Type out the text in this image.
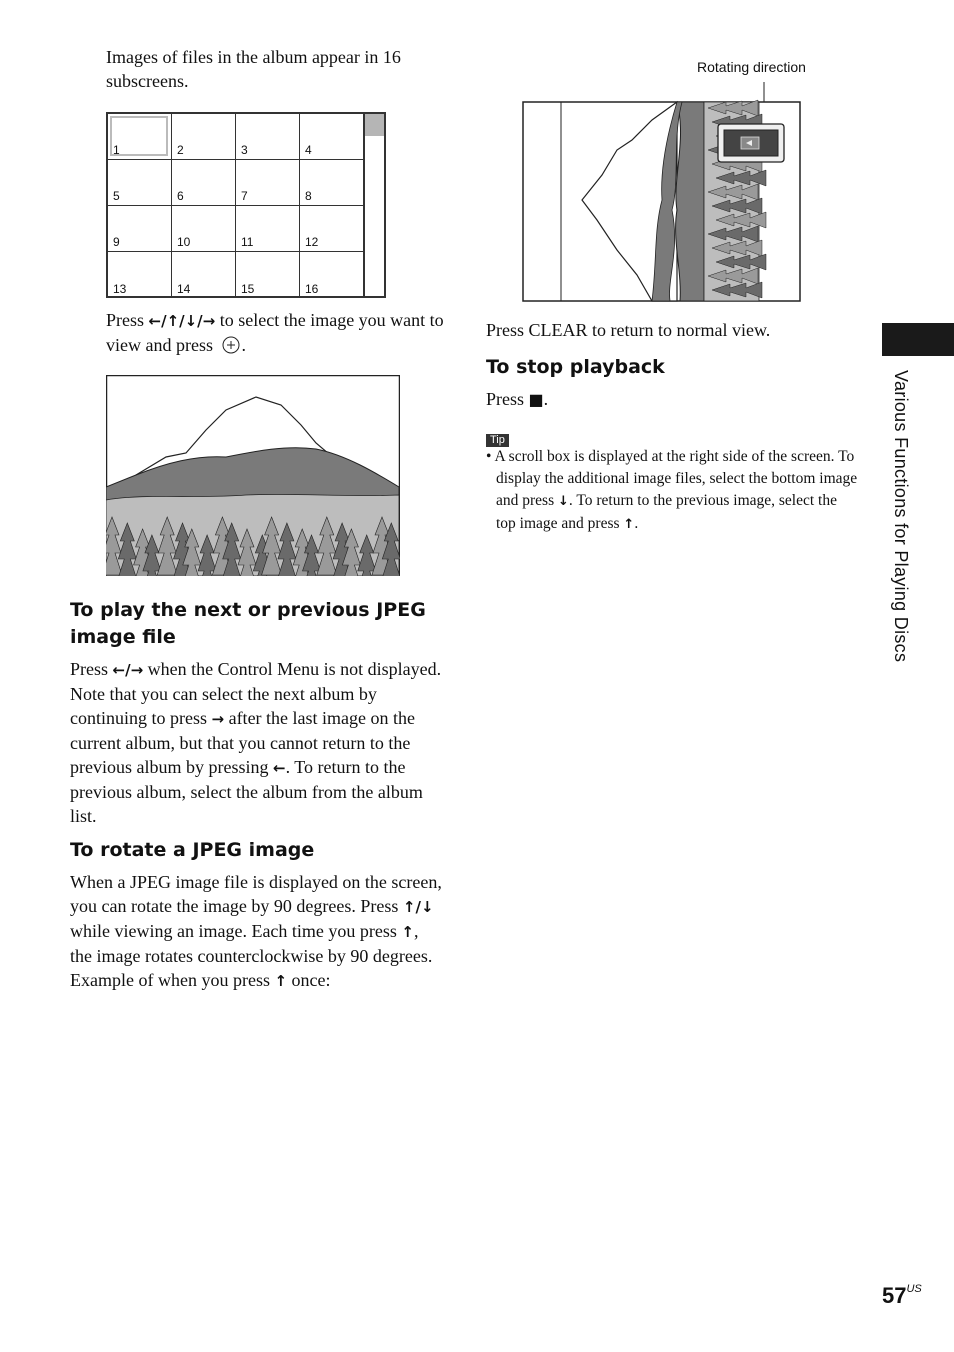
Images of files in the album appear in 16 subscreens.
1	2	3	4
5	6	7	8
9	10	11	12
13	14	15	16
Press ←/↑/↓/→ to select the image you want to view and press .
To play the next or previous JPEG image file
Press ←/→ when the Control Menu is not displayed. Note that you can select the next album by continuing to press → after the last image on the current album, but that you cannot return to the previous album by pressing ←. To return to the previous album, select the album from the album list.
To rotate a JPEG image
When a JPEG image file is displayed on the screen, you can rotate the image by 90 degrees. Press ↑/↓ while viewing an image. Each time you press ↑, the image rotates counterclockwise by 90 degrees.
Example of when you press ↑ once:
Rotating direction
Press CLEAR to return to normal view.
To stop playback
Press ■.
Tip
• A scroll box is displayed at the right side of the screen. To display the additional image files, select the bottom image and press ↓. To return to the previous image, select the top image and press ↑.	Various Functions for Playing Discs
$57^{US}$
